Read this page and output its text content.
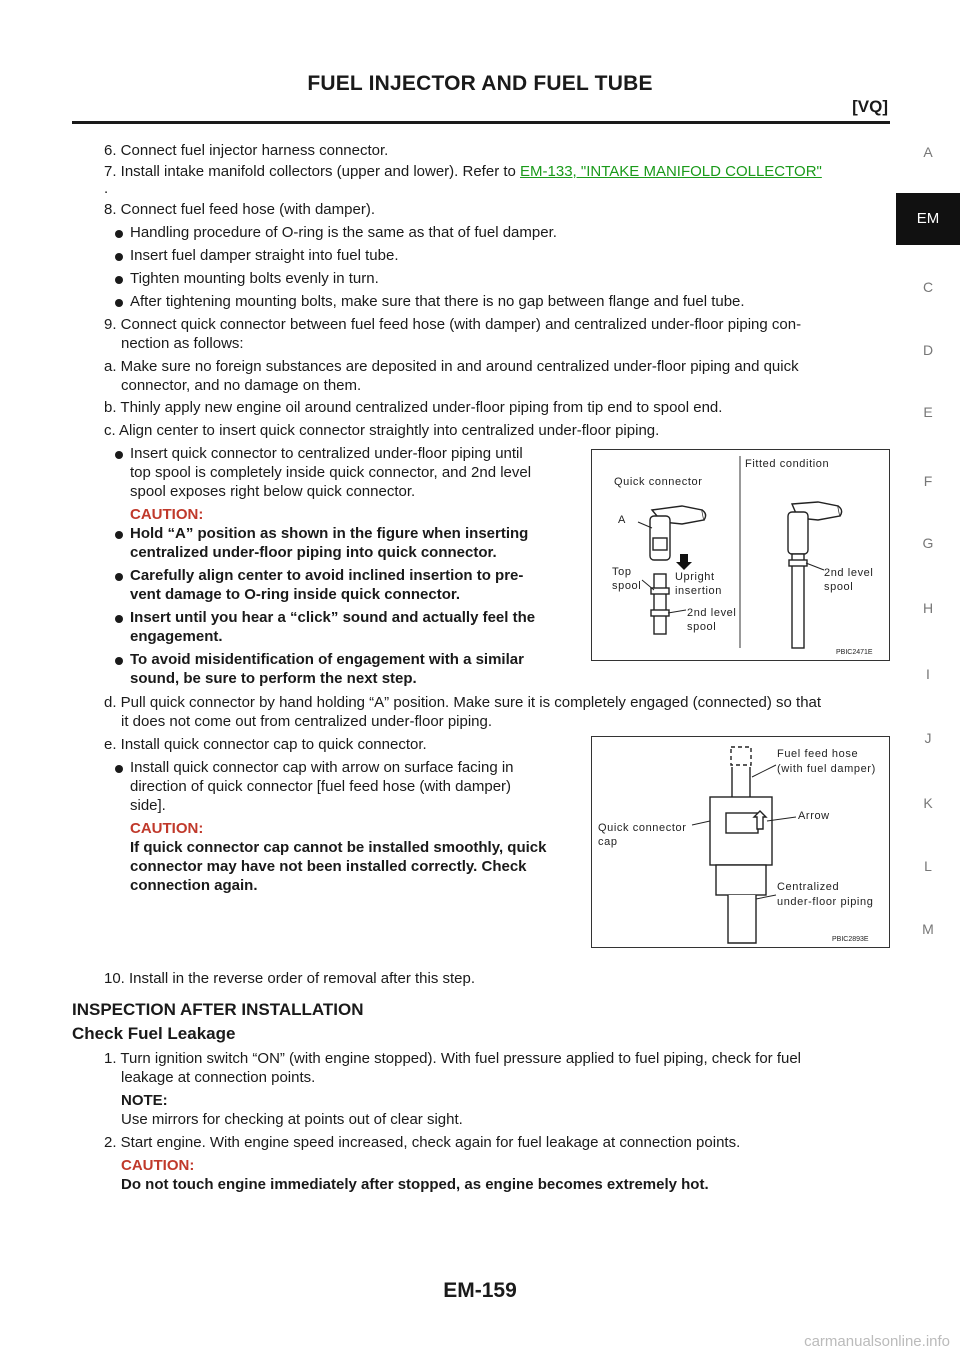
FUEL INJECTOR AND FUEL TUBE
[VQ]
A
EM
C
D
E
F
G
H
I
J
K
L
M
6. Connect fuel injector harness connector.
7. Install intake manifold collectors (upper and lower). Refer to EM-133, "INTAKE MANIFOLD COLLECTOR"
.
8. Connect fuel feed hose (with damper).
Handling procedure of O-ring is the same as that of fuel damper.
Insert fuel damper straight into fuel tube.
Tighten mounting bolts evenly in turn.
After tightening mounting bolts, make sure that there is no gap between flange and fuel tube.
9. Connect quick connector between fuel feed hose (with damper) and centralized under-floor piping con-
nection as follows:
a. Make sure no foreign substances are deposited in and around centralized under-floor piping and quick
connector, and no damage on them.
b. Thinly apply new engine oil around centralized under-floor piping from tip end to spool end.
c. Align center to insert quick connector straightly into centralized under-floor piping.
Insert quick connector to centralized under-floor piping until
top spool is completely inside quick connector, and 2nd level
spool exposes right below quick connector.
CAUTION:
Hold “A” position as shown in the figure when inserting
centralized under-floor piping into quick connector.
Carefully align center to avoid inclined insertion to pre-
vent damage to O-ring inside quick connector.
Insert until you hear a “click” sound and actually feel the
engagement.
To avoid misidentification of engagement with a similar
sound, be sure to perform the next step.
Quick connector
A
Top
spool
Upright
insertion
2nd level
spool
Fitted condition
2nd level
spool
PBIC2471E
d. Pull quick connector by hand holding “A” position. Make sure it is completely engaged (connected) so that
it does not come out from centralized under-floor piping.
e. Install quick connector cap to quick connector.
Install quick connector cap with arrow on surface facing in
direction of quick connector [fuel feed hose (with damper)
side].
CAUTION:
If quick connector cap cannot be installed smoothly, quick
connector may have not been installed correctly. Check
connection again.
Fuel feed hose
(with fuel damper)
Arrow
Quick connector
cap
Centralized
under-floor piping
PBIC2893E
10. Install in the reverse order of removal after this step.
INSPECTION AFTER INSTALLATION
Check Fuel Leakage
1. Turn ignition switch “ON” (with engine stopped). With fuel pressure applied to fuel piping, check for fuel
leakage at connection points.
NOTE:
Use mirrors for checking at points out of clear sight.
2. Start engine. With engine speed increased, check again for fuel leakage at connection points.
CAUTION:
Do not touch engine immediately after stopped, as engine becomes extremely hot.
EM-159
carmanualsonline.info
